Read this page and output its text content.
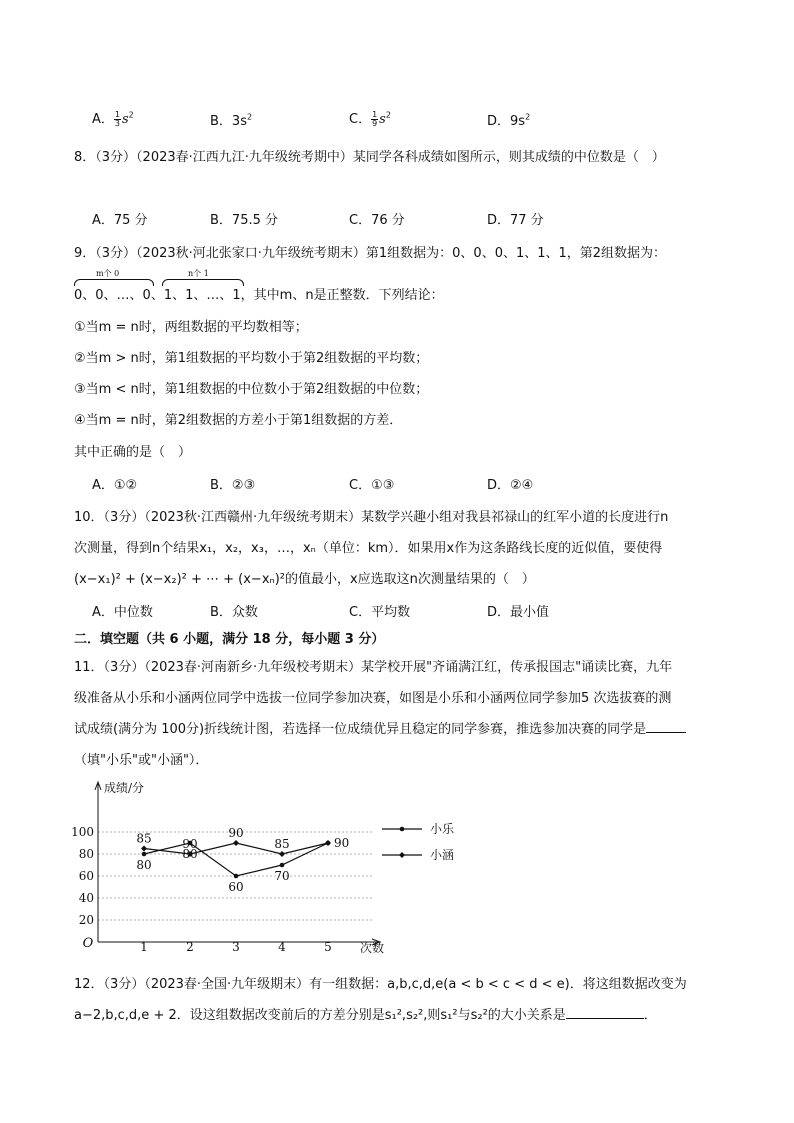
A． $\frac{1}{3} s^2$	B．$3s^2$	C． $\frac{1}{9} s^2$	D．$9s^2$
8．（3分）（2023春·江西九江·九年级统考期中）某同学各科成绩如图所示，则其成绩的中位数是（　）
A．75 分	B．75.5 分	C．76 分	D．77 分
9．（3分）（2023秋·河北张家口·九年级统考期末）第1组数据为：0、0、0、1、1、1，第2组数据为：
m个 0	n个 1
0、0、…、0、1、1、…、1，其中m、n是正整数．下列结论：
①当m = n时，两组数据的平均数相等；
②当m > n时，第1组数据的平均数小于第2组数据的平均数；
③当m < n时，第1组数据的中位数小于第2组数据的中位数；
④当m = n时，第2组数据的方差小于第1组数据的方差．
其中正确的是（　）
A．①②	B．②③	C．①③	D．②④
10．（3分）（2023秋·江西赣州·九年级统考期末）某数学兴趣小组对我县祁禄山的红军小道的长度进行n
次测量，得到n个结果x₁，x₂，x₃，…，xₙ（单位：km）．如果用x作为这条路线长度的近似值，要使得
(x−x₁)² + (x−x₂)² + ⋯ + (x−xₙ)²的值最小，x应选取这n次测量结果的（　）
A．中位数	B．众数	C．平均数	D．最小值
二．填空题（共 6 小题，满分 18 分，每小题 3 分）
11．（3分）（2023春·河南新乡·九年级校考期末）某学校开展"齐诵满江红，传承报国志"诵读比赛，九年
级准备从小乐和小涵两位同学中选拔一位同学参加决赛，如图是小乐和小涵两位同学参加5 次选拔赛的测
试成绩(满分为 100分)折线统计图，若选择一位成绩优异且稳定的同学参赛，推选参加决赛的同学是
（填"小乐"或"小涵"）．
20
40
60
80
100
成绩/分
次数
O	1	2	3	4	5
85	90
90
85	90
80
80
60
70
小乐
小涵
12．（3分）（2023春·全国·九年级期末）有一组数据：a,b,c,d,e(a < b < c < d < e)．将这组数据改变为
a−2,b,c,d,e + 2．设这组数据改变前后的方差分别是s₁²,s₂²,则s₁²与s₂²的大小关系是	．
